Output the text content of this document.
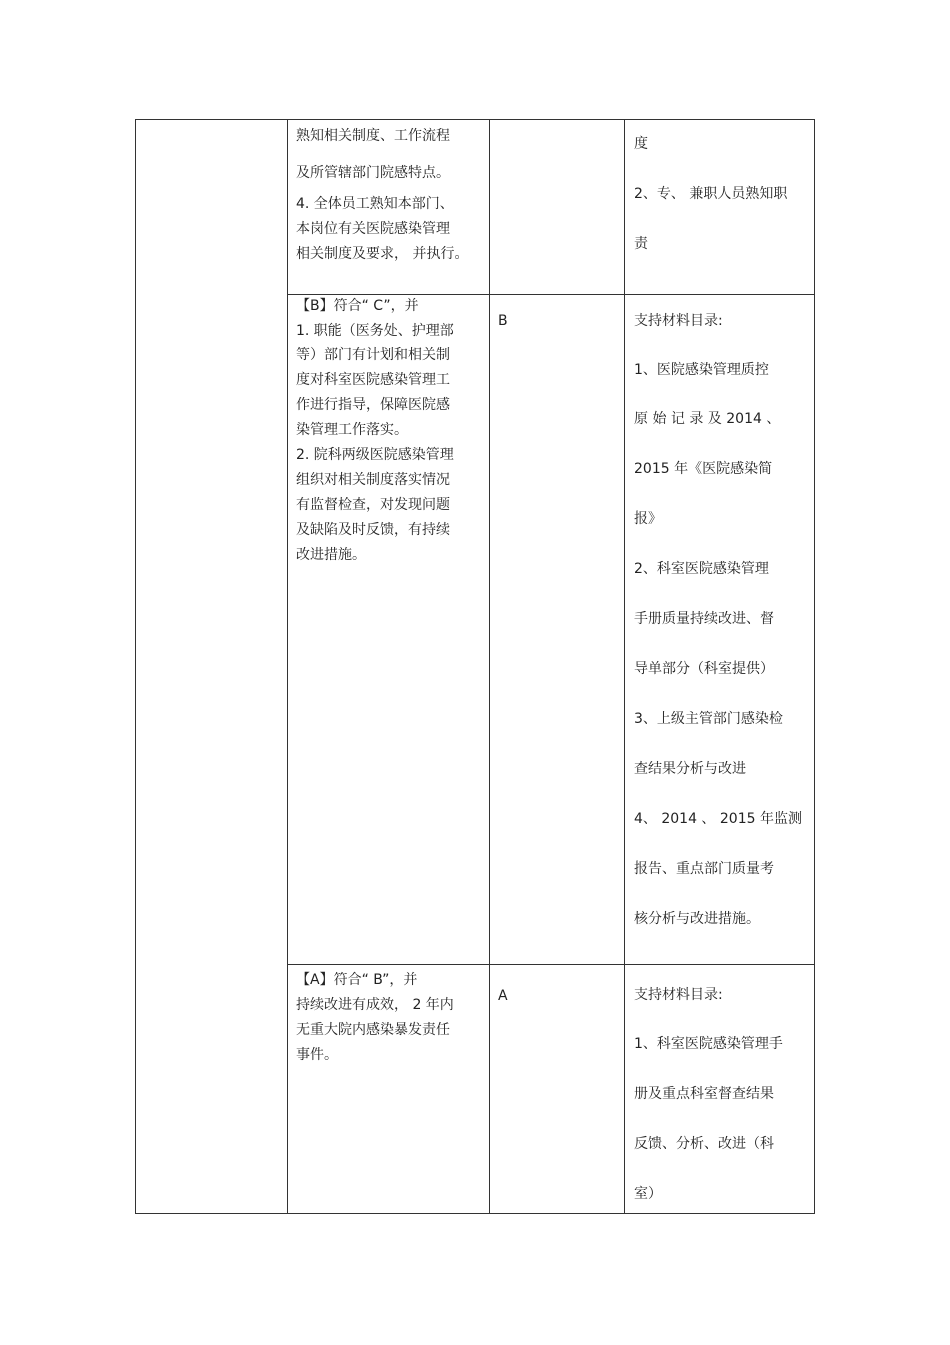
熟知相关制度、工作流程
及所管辖部门院感特点。
4. 全体员工熟知本部门、
本岗位有关医院感染管理
相关制度及要求， 并执行。
度
2、专、 兼职人员熟知职
责
【B】符合“ C”，并
1. 职能（医务处、护理部
等）部门有计划和相关制
度对科室医院感染管理工
作进行指导，保障医院感
染管理工作落实。
2. 院科两级医院感染管理
组织对相关制度落实情况
有监督检查，对发现问题
及缺陷及时反馈，有持续
改进措施。
B	支持材料目录:
1、医院感染管理质控
原 始 记 录 及 2014 、
2015 年《医院感染简
报》
2、科室医院感染管理
手册质量持续改进、督
导单部分（科室提供）
3、上级主管部门感染检
查结果分析与改进
4、 2014 、 2015 年监测
报告、重点部门质量考
核分析与改进措施。
【A】符合“ B”，并
持续改进有成效， 2 年内
无重大院内感染暴发责任
事件。
A	支持材料目录:
1、科室医院感染管理手
册及重点科室督查结果
反馈、分析、改进（科
室）
